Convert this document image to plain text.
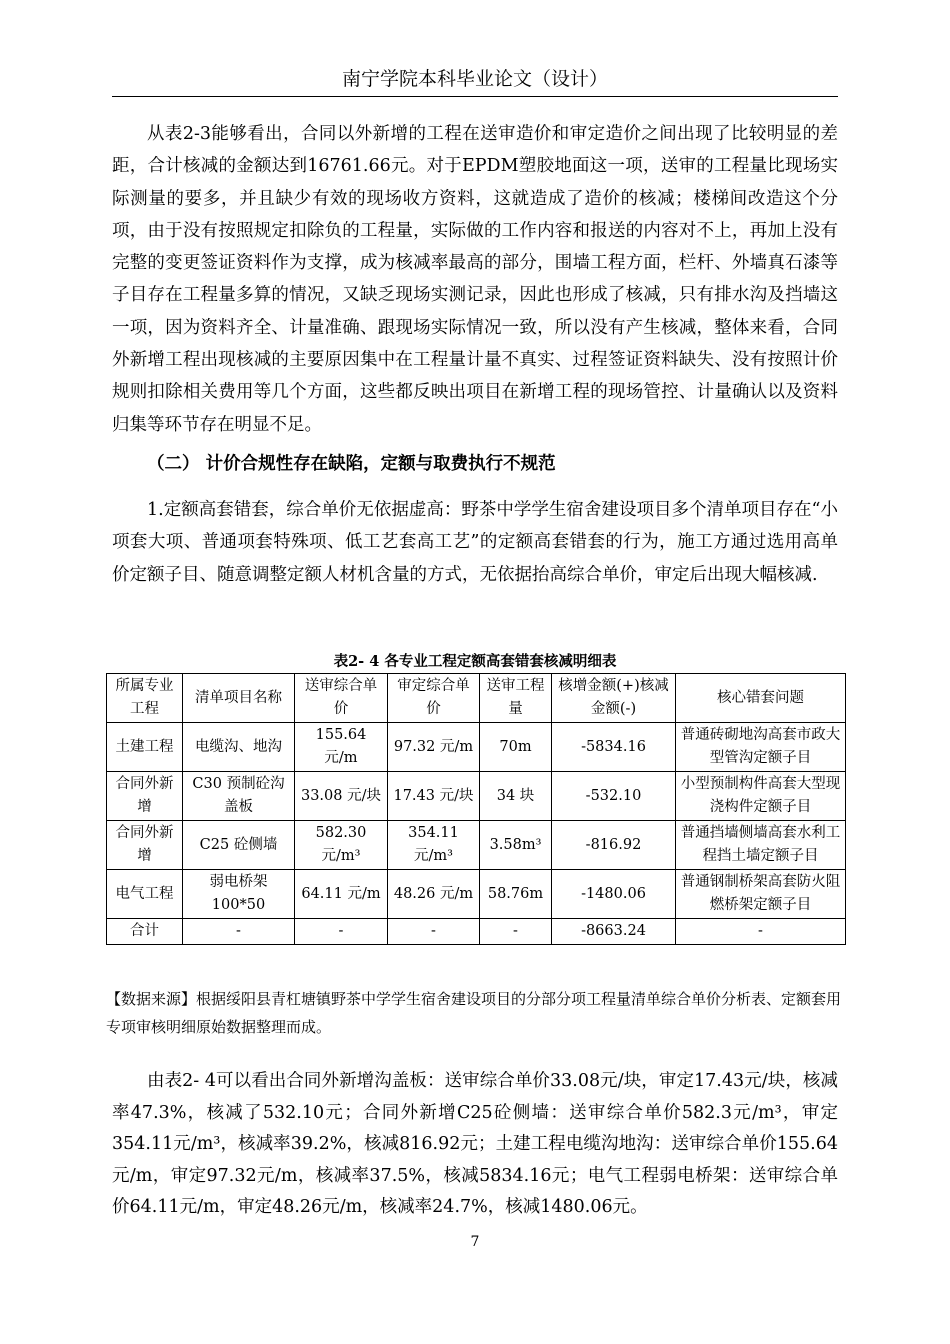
南宁学院本科毕业论文（设计）

从表2-3能够看出，合同以外新增的工程在送审造价和审定造价之间出现了比较明显的差距，合计核减的金额达到16761.66元。对于EPDM塑胶地面这一项，送审的工程量比现场实际测量的要多，并且缺少有效的现场收方资料，这就造成了造价的核减；楼梯间改造这个分项，由于没有按照规定扣除负的工程量，实际做的工作内容和报送的内容对不上，再加上没有完整的变更签证资料作为支撑，成为核减率最高的部分，围墙工程方面，栏杆、外墙真石漆等子目存在工程量多算的情况，又缺乏现场实测记录，因此也形成了核减，只有排水沟及挡墙这一项，因为资料齐全、计量准确、跟现场实际情况一致，所以没有产生核减，整体来看，合同外新增工程出现核减的主要原因集中在工程量计量不真实、过程签证资料缺失、没有按照计价规则扣除相关费用等几个方面，这些都反映出项目在新增工程的现场管控、计量确认以及资料归集等环节存在明显不足。

（二） 计价合规性存在缺陷，定额与取费执行不规范

1.定额高套错套，综合单价无依据虚高：野茶中学学生宿舍建设项目多个清单项目存在“小项套大项、普通项套特殊项、低工艺套高工艺”的定额高套错套的行为，施工方通过选用高单价定额子目、随意调整定额人材机含量的方式，无依据抬高综合单价，审定后出现大幅核减.

表2- 4 各专业工程定额高套错套核减明细表
所属专业工程	清单项目名称	送审综合单价	审定综合单价	送审工程量	核增金额(+)核减金额(-)	核心错套问题
土建工程	电缆沟、地沟	155.64 元/m	97.32 元/m	70m	-5834.16	普通砖砌地沟高套市政大型管沟定额子目
合同外新增	C30 预制砼沟盖板	33.08 元/块	17.43 元/块	34 块	-532.10	小型预制构件高套大型现浇构件定额子目
合同外新增	C25 砼侧墙	582.30 元/m³	354.11 元/m³	3.58m³	-816.92	普通挡墙侧墙高套水利工程挡土墙定额子目
电气工程	弱电桥架 100*50	64.11 元/m	48.26 元/m	58.76m	-1480.06	普通钢制桥架高套防火阻燃桥架定额子目
合计	-	-	-	-	-8663.24	-

【数据来源】根据绥阳县青杠塘镇野茶中学学生宿舍建设项目的分部分项工程量清单综合单价分析表、定额套用专项审核明细原始数据整理而成。

由表2- 4可以看出合同外新增沟盖板：送审综合单价33.08元/块，审定17.43元/块，核减率47.3%，核减了532.10元；合同外新增C25砼侧墙：送审综合单价582.3元/m³，审定354.11元/m³，核减率39.2%，核减816.92元；土建工程电缆沟地沟：送审综合单价155.64元/m，审定97.32元/m，核减率37.5%，核减5834.16元；电气工程弱电桥架：送审综合单价64.11元/m，审定48.26元/m，核减率24.7%，核减1480.06元。

7
